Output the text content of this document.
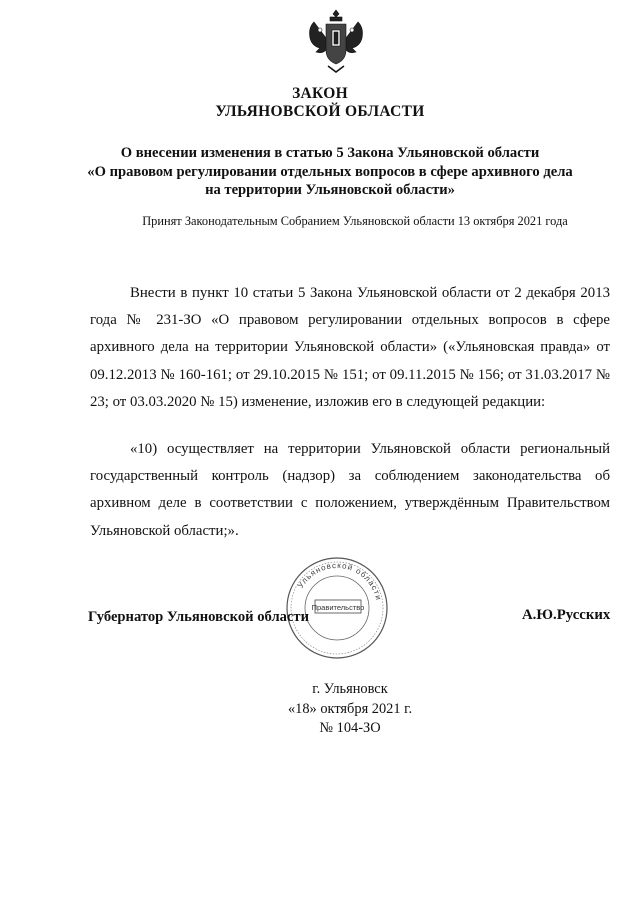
ЗАКОН
УЛЬЯНОВСКОЙ ОБЛАСТИ
О внесении изменения в статью 5 Закона Ульяновской области
«О правовом регулировании отдельных вопросов в сфере архивного дела
на территории Ульяновской области»
Принят Законодательным Собранием Ульяновской области 13 октября 2021 года

Внести в пункт 10 статьи 5 Закона Ульяновской области от 2 декабря 2013 года № 231-ЗО «О правовом регулировании отдельных вопросов в сфере архивного дела на территории Ульяновской области» («Ульяновская правда» от 09.12.2013 № 160-161; от 29.10.2015 № 151; от 09.11.2015 № 156; от 31.03.2017 № 23; от 03.03.2020 № 15) изменение, изложив его в следующей редакции:

«10) осуществляет на территории Ульяновской области региональный государственный контроль (надзор) за соблюдением законодательства об архивном деле в соответствии с положением, утверждённым Правительством Ульяновской области;».

Ульяновской области
Правительство
Губернатор Ульяновской области	А.Ю.Русских
г. Ульяновск
«18» октября 2021 г.
№ 104-ЗО
